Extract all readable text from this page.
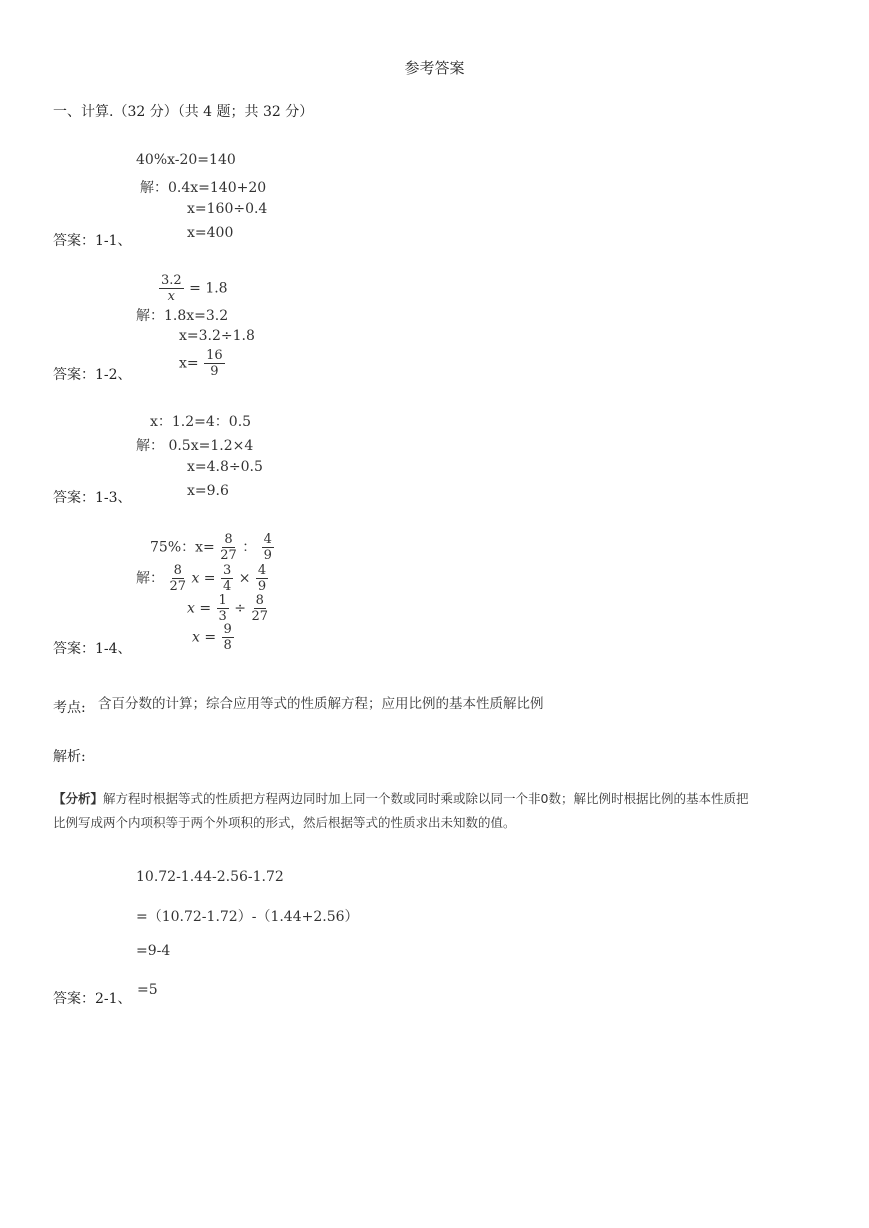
参考答案
一、计算.（32 分）（共 4 题；共 32 分）
40%x-20=140
解：0.4x=140+20
x=160÷0.4
x=400
答案：1-1、
$\frac{3.2}{x} = 1.8$
解：1.8x=3.2
x=3.2÷1.8
$x= \frac{16}{9}$
答案：1-2、
x：1.2=4：0.5
解： 0.5x=1.2×4
x=4.8÷0.5
x=9.6
答案：1-3、
75%：$x= \frac{8}{27}$ ： $\frac{4}{9}$
解： $\frac{8}{27}$ $x = \frac{3}{4} \times \frac{4}{9}$
$x = \frac{1}{3} \div \frac{8}{27}$
$x = \frac{9}{8}$
答案：1-4、
考点: 含百分数的计算；综合应用等式的性质解方程；应用比例的基本性质解比例
解析:
【分析】解方程时根据等式的性质把方程两边同时加上同一个数或同时乘或除以同一个非0数；解比例时根据比例的基本性质把
比例写成两个内项积等于两个外项积的形式，然后根据等式的性质求出未知数的值。
10.72-1.44-2.56-1.72
=（10.72-1.72）-（1.44+2.56）
=9-4
答案：2-1、
=5
